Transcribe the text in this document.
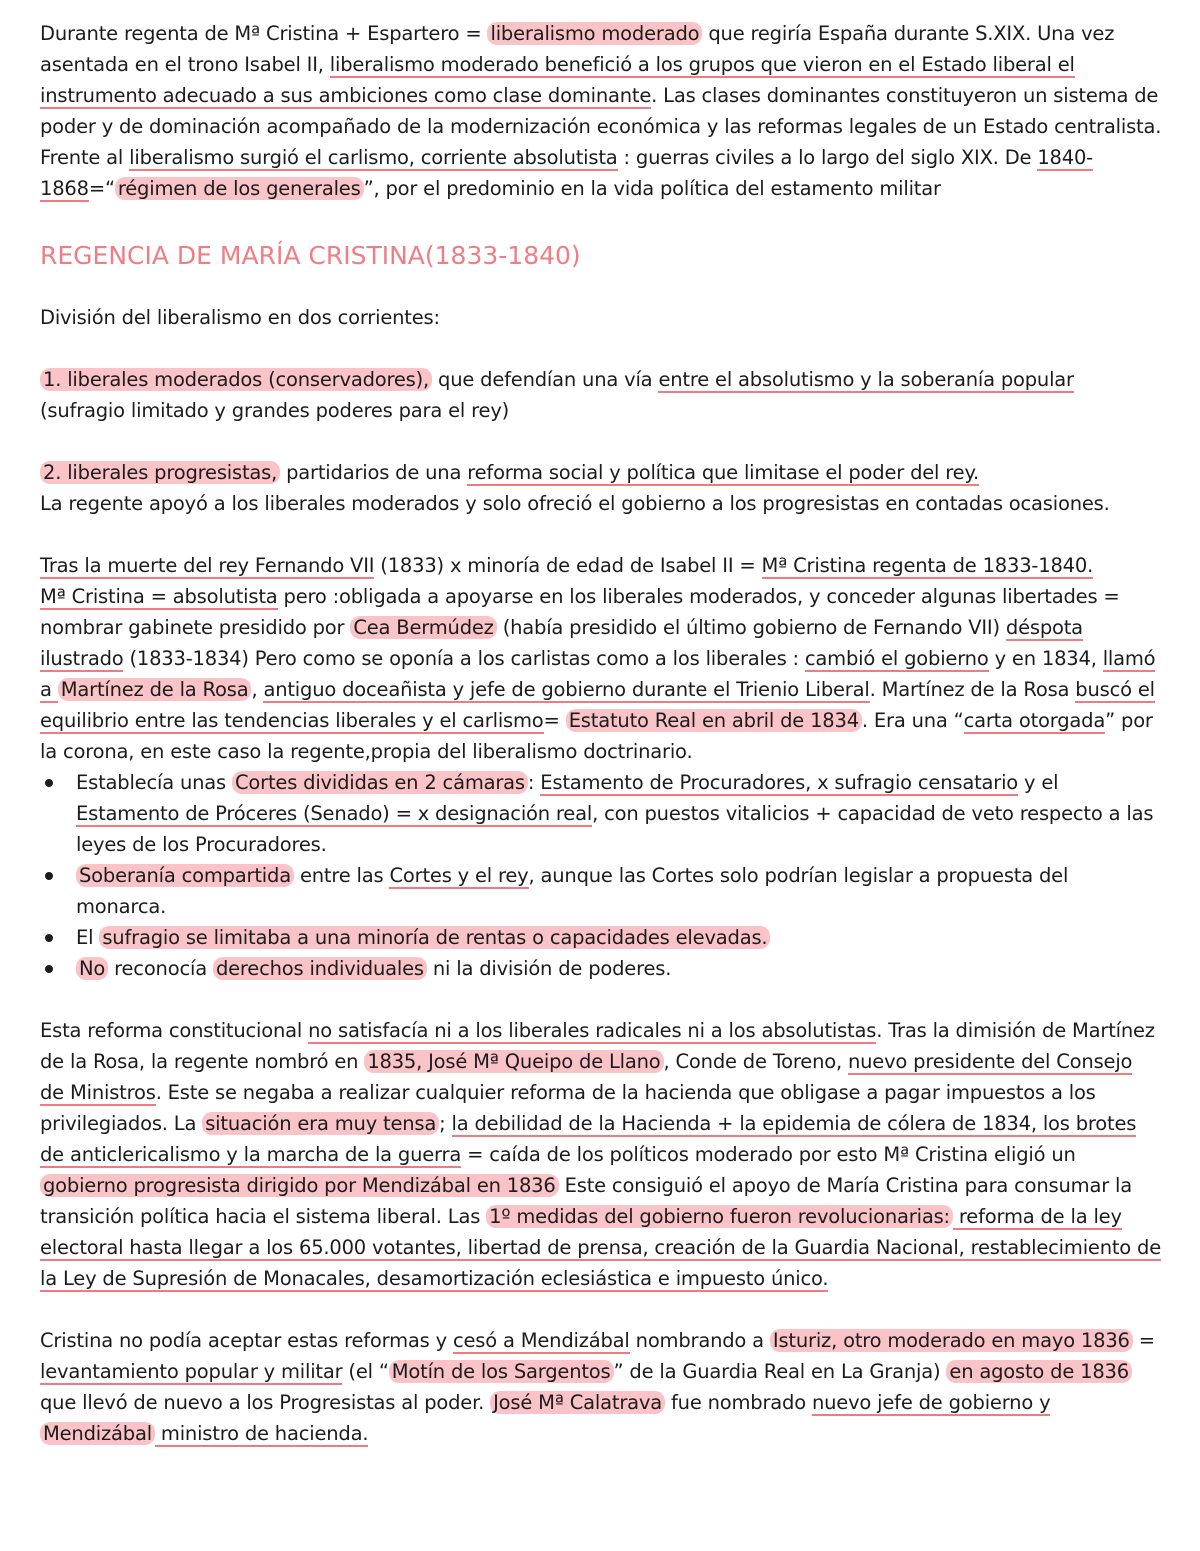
Durante regenta de Mª Cristina + Espartero = liberalismo moderado que regiría España durante S.XIX. Una vez asentada en el trono Isabel II, liberalismo moderado benefició a los grupos que vieron en el Estado liberal el instrumento adecuado a sus ambiciones como clase dominante. Las clases dominantes constituyeron un sistema de poder y de dominación acompañado de la modernización económica y las reformas legales de un Estado centralista. Frente al liberalismo surgió el carlismo, corriente absolutista : guerras civiles a lo largo del siglo XIX. De 1840-1868=“ régimen de los generales ”, por el predominio en la vida política del estamento militar

REGENCIA DE MARÍA CRISTINA(1833-1840)

División del liberalismo en dos corrientes:

1. liberales moderados (conservadores), que defendían una vía entre el absolutismo y la soberanía popular (sufragio limitado y grandes poderes para el rey)

2. liberales progresistas, partidarios de una reforma social y política que limitase el poder del rey.

La regente apoyó a los liberales moderados y solo ofreció el gobierno a los progresistas en contadas ocasiones.

Tras la muerte del rey Fernando VII (1833) x minoría de edad de Isabel II = Mª Cristina regenta de 1833-1840.
Mª Cristina = absolutista pero :obligada a apoyarse en los liberales moderados, y conceder algunas libertades = nombrar gabinete presidido por Cea Bermúdez (había presidido el último gobierno de Fernando VII) déspota ilustrado (1833-1834) Pero como se oponía a los carlistas como a los liberales : cambió el gobierno y en 1834, llamó a Martínez de la Rosa , antiguo doceañista y jefe de gobierno durante el Trienio Liberal. Martínez de la Rosa buscó el equilibrio entre las tendencias liberales y el carlismo= Estatuto Real en abril de 1834 . Era una “carta otorgada” por la corona, en este caso la regente,propia del liberalismo doctrinario.

Establecía unas Cortes divididas en 2 cámaras : Estamento de Procuradores, x sufragio censatario y el Estamento de Próceres (Senado) = x designación real, con puestos vitalicios + capacidad de veto respecto a las leyes de los Procuradores.
Soberanía compartida entre las Cortes y el rey, aunque las Cortes solo podrían legislar a propuesta del monarca.
El sufragio se limitaba a una minoría de rentas o capacidades elevadas.
No reconocía derechos individuales ni la división de poderes.

Esta reforma constitucional no satisfacía ni a los liberales radicales ni a los absolutistas. Tras la dimisión de Martínez de la Rosa, la regente nombró en 1835, José Mª Queipo de Llano , Conde de Toreno, nuevo presidente del Consejo de Ministros. Este se negaba a realizar cualquier reforma de la hacienda que obligase a pagar impuestos a los privilegiados. La situación era muy tensa ; la debilidad de la Hacienda + la epidemia de cólera de 1834, los brotes de anticlericalismo y la marcha de la guerra = caída de los políticos moderado por esto Mª Cristina eligió un gobierno progresista dirigido por Mendizábal en 1836 Este consiguió el apoyo de María Cristina para consumar la transición política hacia el sistema liberal. Las 1º medidas del gobierno fueron revolucionarias: reforma de la ley electoral hasta llegar a los 65.000 votantes, libertad de prensa, creación de la Guardia Nacional, restablecimiento de la Ley de Supresión de Monacales, desamortización eclesiástica e impuesto único.

Cristina no podía aceptar estas reformas y cesó a Mendizábal nombrando a Isturiz, otro moderado en mayo 1836 = levantamiento popular y militar (el “ Motín de los Sargentos ” de la Guardia Real en La Granja) en agosto de 1836 que llevó de nuevo a los Progresistas al poder. José Mª Calatrava fue nombrado nuevo jefe de gobierno y Mendizábal ministro de hacienda.
